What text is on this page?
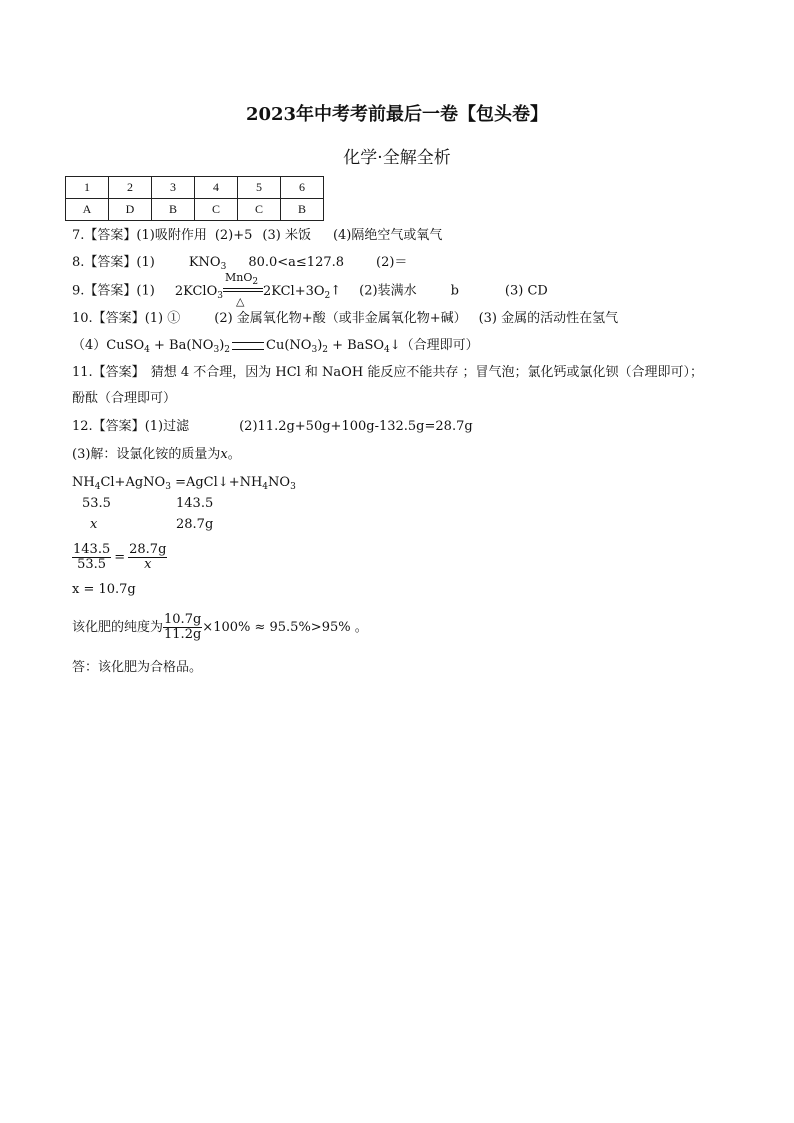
2023年中考考前最后一卷【包头卷】
化学·全解全析
1	2	3	4	5	6
A	D	B	C	C	B
7.【答案】(1)吸附作用 (2)+5 (3) 米饭 (4)隔绝空气或氧气
8.【答案】(1)	$KNO_3$ 80.0<a≤127.8 (2)＝
9.【答案】(1) 2KClO$_3$
MnO$_2$
△
$2KCl+3O_2↑$ (2)装满水	b	(3) CD
10.【答案】(1) ①	(2) 金属氧化物+酸（或非金属氧化物+碱） (3) 金属的活动性在氢气
（4）CuSO$_4$ + $Ba(NO_3)_2$	$Cu(NO_3)_2$ + BaSO$_4$↓（合理即可）
11.【答案】 猜想 4 不合理，因为 HCl 和 NaOH 能反应不能共存 ；冒气泡；氯化钙或氯化钡（合理即可）；
酚酞（合理即可）
12.【答案】(1)过滤	(2)11.2g+50g+100g-132.5g=28.7g
(3)解：设氯化铵的质量为x。
$NH_4Cl+AgNO_3$ $=AgCl↓+NH_4NO_3$
53.5	143.5
x	28.7g
$\frac{143.5}{53.5} = \frac{28.7g}{x}$
x = 10.7g
该化肥的纯度为 $\frac{10.7g}{11.2g} \times 100\% \approx 95.5\%>95\%$ 。
答：该化肥为合格品。
